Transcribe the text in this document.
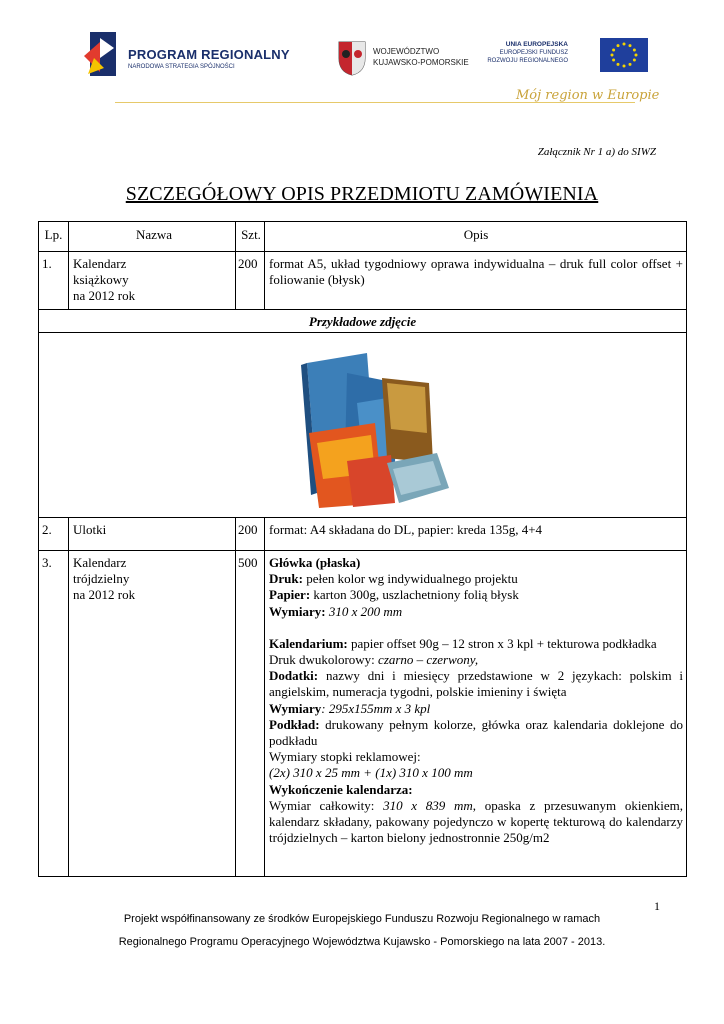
PROGRAM REGIONALNY
NARODOWA STRATEGIA SPÓJNOŚCI
WOJEWÓDZTWO
KUJAWSKO-POMORSKIE
UNIA EUROPEJSKA
EUROPEJSKI FUNDUSZ
ROZWOJU REGIONALNEGO
Mój region w Europie
Załącznik Nr 1 a) do SIWZ
SZCZEGÓŁOWY OPIS PRZEDMIOTU ZAMÓWIENIA
Lp.	Nazwa	Szt.	Opis
1.	Kalendarz
książkowy
na 2012 rok
200 format A5, układ tygodniowy oprawa indywidualna – druk full color offset + foliowanie (błysk)
Przykładowe zdjęcie
2.	Ulotki	200 format: A4 składana do DL, papier: kreda 135g, 4+4
3.	Kalendarz
trójdzielny
na 2012 rok
500 Główka (płaska)
Druk: pełen kolor wg indywidualnego projektu
Papier: karton 300g, uszlachetniony folią błysk
Wymiary: 310 x 200 mm
Kalendarium: papier offset 90g – 12 stron x 3 kpl + tekturowa podkładka
Druk dwukolorowy: czarno – czerwony,
Dodatki: nazwy dni i miesięcy przedstawione w 2 językach: polskim i angielskim, numeracja tygodni, polskie imieniny i święta
Wymiary: 295x155mm x 3 kpl
Podkład: drukowany pełnym kolorze, główka oraz kalendaria doklejone do podkładu
Wymiary stopki reklamowej:
(2x) 310 x 25 mm + (1x) 310 x 100 mm
Wykończenie kalendarza:
Wymiar całkowity: 310 x 839 mm, opaska z przesuwanym okienkiem, kalendarz składany, pakowany pojedynczo w kopertę tekturową do kalendarzy trójdzielnych – karton bielony jednostronnie 250g/m2
1
Projekt współfinansowany ze środków Europejskiego Funduszu Rozwoju Regionalnego w ramach
Regionalnego Programu Operacyjnego Województwa Kujawsko - Pomorskiego na lata 2007 - 2013.
